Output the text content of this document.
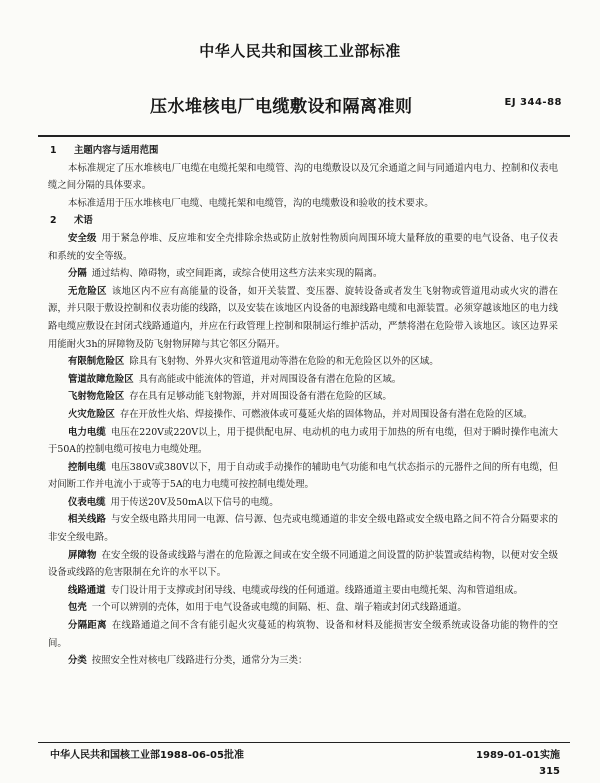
中华人民共和国核工业部标准
压水堆核电厂电缆敷设和隔离准则	EJ 344-88
1 主题内容与适用范围
本标准规定了压水堆核电厂电缆在电缆托架和电缆管、沟的电缆敷设以及冗余通道之间与同通道内电力、控制和仪表电缆之间分隔的具体要求。
本标准适用于压水堆核电厂电缆、电缆托架和电缆管，沟的电缆敷设和验收的技术要求。
2 术语
安全级 用于紧急停堆、反应堆和安全壳排除余热或防止放射性物质向周围环境大量释放的重要的电气设备、电子仪表和系统的安全等级。
分隔 通过结构、障碍物，或空间距离，或综合使用这些方法来实现的隔离。
无危险区 该地区内不应有高能量的设备，如开关装置、变压器、旋转设备或者发生飞射物或管道甩动或火灾的潜在源，并只限于敷设控制和仪表功能的线路，以及安装在该地区内设备的电源线路电缆和电源装置。必须穿越该地区的电力线路电缆应敷设在封闭式线路通道内，并应在行政管理上控制和限制运行维护活动，严禁将潜在危险带入该地区。该区边界采用能耐火3h的屏障物及防飞射物屏障与其它邻区分隔开。
有限制危险区 除具有飞射物、外界火灾和管道甩动等潜在危险的和无危险区以外的区域。
管道故障危险区 具有高能或中能流体的管道，并对周围设备有潜在危险的区域。
飞射物危险区 存在具有足够动能飞射物源，并对周围设备有潜在危险的区域。
火灾危险区 存在开放性火焰、焊接操作、可燃液体或可蔓延火焰的固体物品，并对周围设备有潜在危险的区域。
电力电缆 电压在220V或220V以上，用于提供配电屏、电动机的电力或用于加热的所有电缆，但对于瞬时操作电流大于50A的控制电缆可按电力电缆处理。
控制电缆 电压380V或380V以下，用于自动或手动操作的辅助电气功能和电气状态指示的元器件之间的所有电缆，但对间断工作并电流小于或等于5A的电力电缆可按控制电缆处理。
仪表电缆 用于传送20V及50mA以下信号的电缆。
相关线路 与安全级电路共用同一电源、信号源、包壳或电缆通道的非安全级电路或安全级电路之间不符合分隔要求的非安全级电路。
屏障物 在安全级的设备或线路与潜在的危险源之间或在安全级不同通道之间设置的防护装置或结构物，以便对安全级设备或线路的危害限制在允许的水平以下。
线路通道 专门设计用于支撑或封闭导线、电缆或母线的任何通道。线路通道主要由电缆托架、沟和管道组成。
包壳 一个可以辨别的壳体，如用于电气设备或电缆的间隔、柜、盘、端子箱或封闭式线路通道。
分隔距离 在线路通道之间不含有能引起火灾蔓延的构筑物、设备和材料及能损害安全级系统或设备功能的物件的空间。
分类 按照安全性对核电厂线路进行分类，通常分为三类：
中华人民共和国核工业部1988-06-05批准	1989-01-01实施
315
